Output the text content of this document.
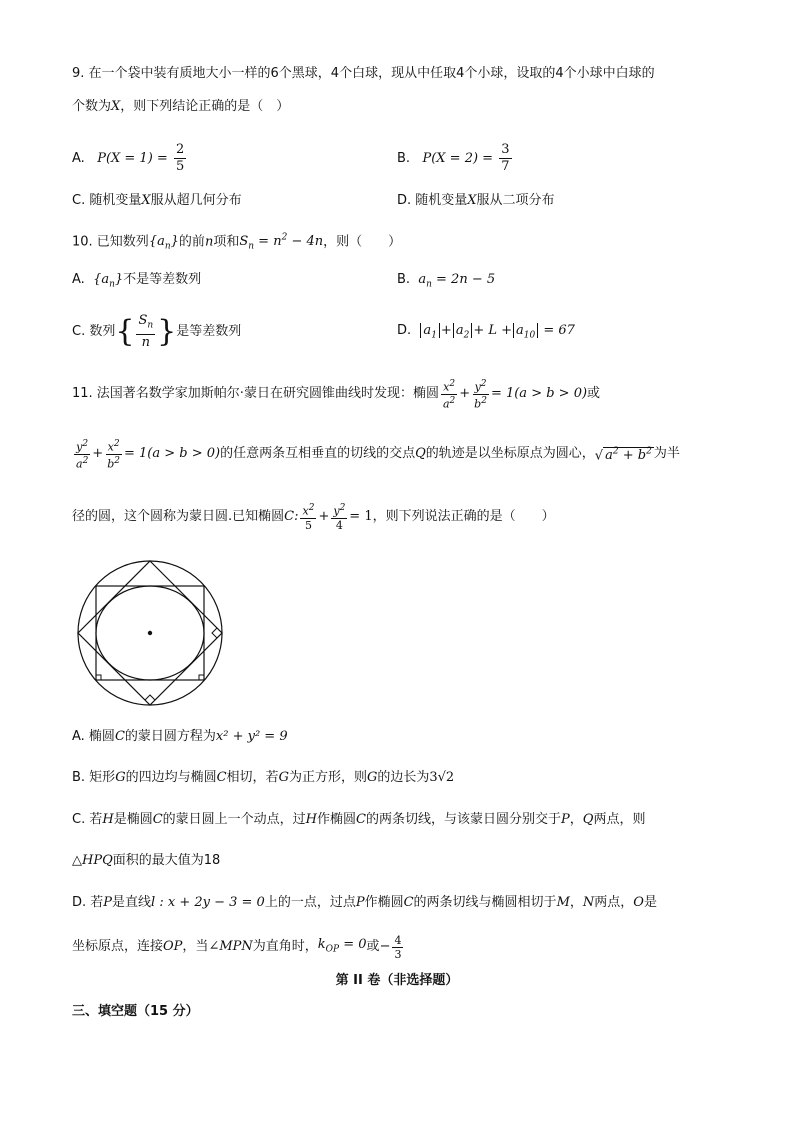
9. 在一个袋中装有质地大小一样的6个黑球，4个白球，现从中任取4个小球，设取的4个小球中白球的
个数为X，则下列结论正确的是（　）
A. $P(X = 1) = \frac{2}{5}$	B. $P(X = 2) = \frac{3}{7}$
C. 随机变量X服从超几何分布	D. 随机变量X服从二项分布
10. 已知数列$\{a_n\}$的前n项和$S_n = n^2 - 4n$，则（　　）
A. $\{a_n\}$不是等差数列	B. $a_n = 2n - 5$
C. 数列 { $\frac{S_n}{n}$ } 是等差数列	D. $a_1 + a_2 + L + a_{10} = 67$
11. 法国著名数学家加斯帕尔·蒙日在研究圆锥曲线时发现：椭圆 $\frac{x^2}{a^2} + \frac{y^2}{b^2} = 1(a > b > 0)$ 或
$\frac{y^2}{a^2} + \frac{x^2}{b^2} = 1(a > b > 0)$ 的任意两条互相垂直的切线的交点 Q 的轨迹是以坐标原点为圆心， √ $a^2 + b^2$ 为半
径的圆，这个圆称为蒙日圆.已知椭圆 C : $\frac{x^2}{5} + \frac{y^2}{4} = 1$ ，则下列说法正确的是（　　）
A. 椭圆C的蒙日圆方程为x² + y² = 9
B. 矩形G的四边均与椭圆C相切，若G为正方形，则G的边长为3√2
C. 若H是椭圆C的蒙日圆上一个动点，过H作椭圆C的两条切线，与该蒙日圆分别交于P，Q两点，则
△HPQ面积的最大值为18
D. 若P是直线l : x + 2y − 3 = 0上的一点，过点P作椭圆C的两条切线与椭圆相切于M，N两点，O是
坐标原点，连接 OP ，当 ∠MPN 为直角时， $k_{OP} = 0$ 或 − $\frac{4}{3}$
第 II 卷（非选择题）
三、填空题（15 分）
